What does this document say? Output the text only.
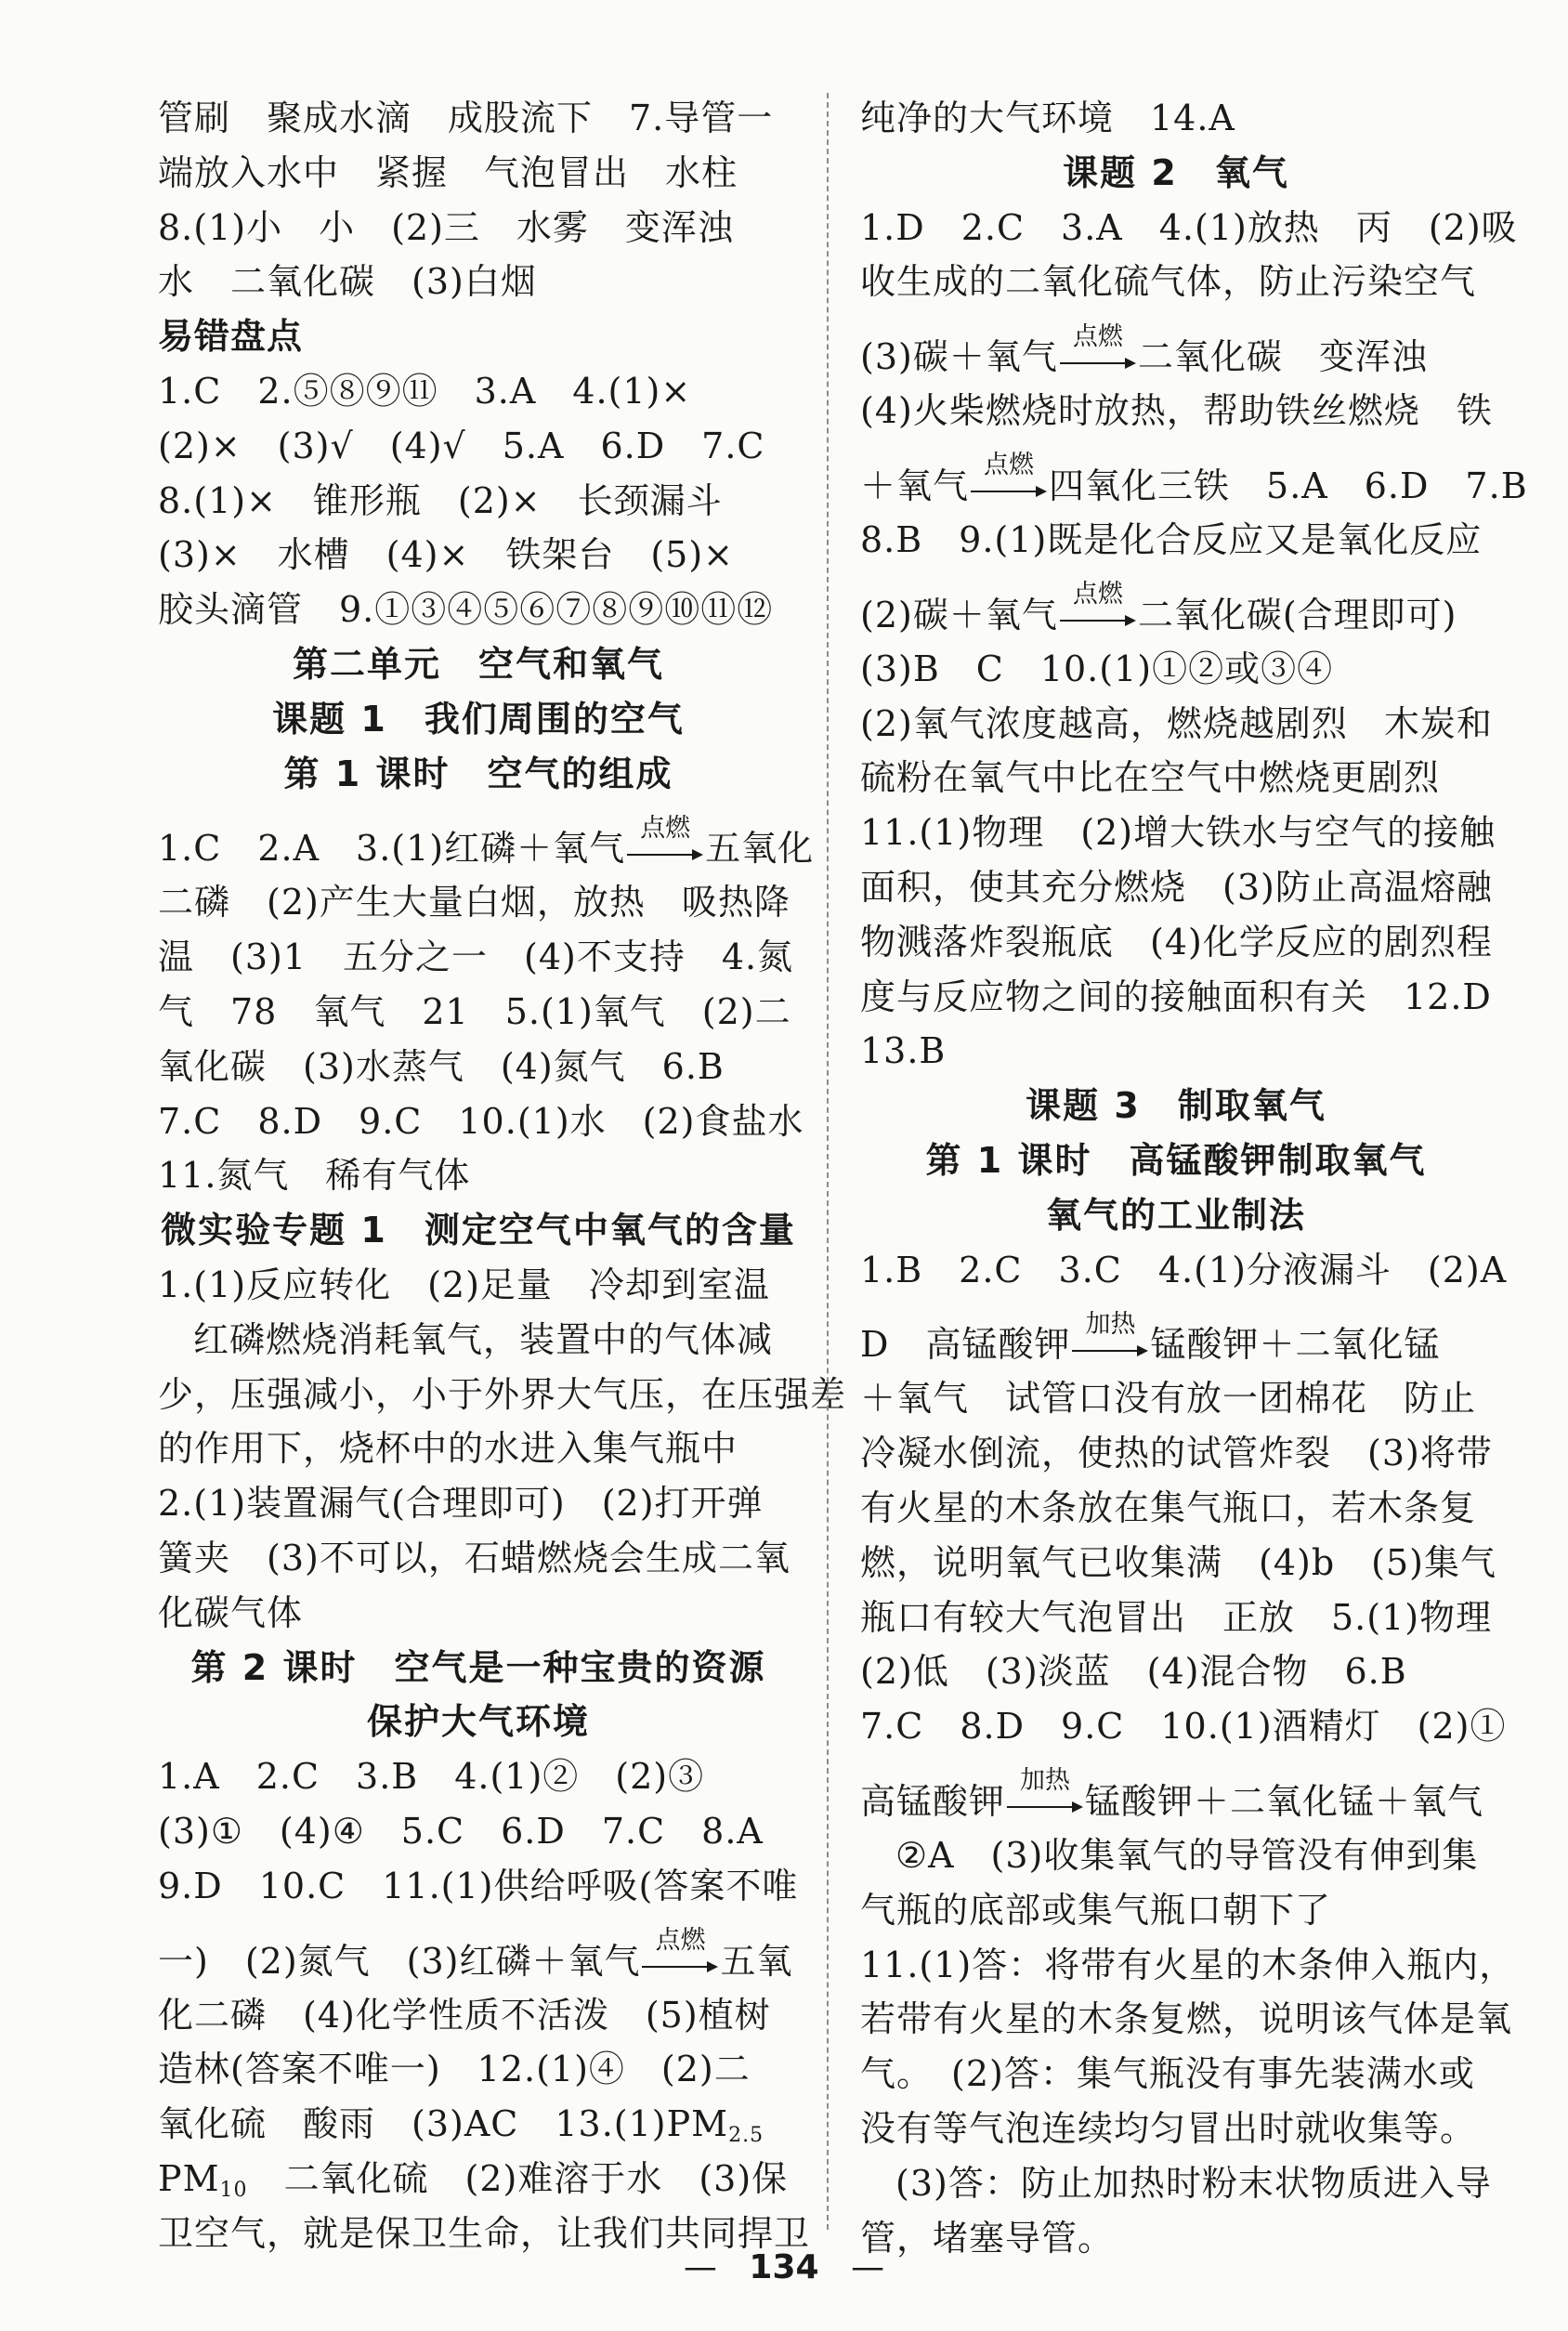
管刷　聚成水滴　成股流下　7.导管一
端放入水中　紧握　气泡冒出　水柱
8.(1)小　小　(2)三　水雾　变浑浊
水　二氧化碳　(3)白烟
易错盘点
1.C　2.⑤⑧⑨⑪　3.A　4.(1)×
(2)×　(3)√　(4)√　5.A　6.D　7.C
8.(1)×　锥形瓶　(2)×　长颈漏斗
(3)×　水槽　(4)×　铁架台　(5)×
胶头滴管　9.①③④⑤⑥⑦⑧⑨⑩⑪⑫
第二单元　空气和氧气
课题 1　我们周围的空气
第 1 课时　空气的组成
1.C　2.A　3.(1)红磷＋氧气 点燃 五氧化
二磷　(2)产生大量白烟，放热　吸热降
温　(3)1　五分之一　(4)不支持　4.氮
气　78　氧气　21　5.(1)氧气　(2)二
氧化碳　(3)水蒸气　(4)氮气　6.B
7.C　8.D　9.C　10.(1)水　(2)食盐水
11.氮气　稀有气体
微实验专题 1　测定空气中氧气的含量
1.(1)反应转化　(2)足量　冷却到室温
红磷燃烧消耗氧气，装置中的气体减
少，压强减小，小于外界大气压，在压强差
的作用下，烧杯中的水进入集气瓶中
2.(1)装置漏气(合理即可)　(2)打开弹
簧夹　(3)不可以，石蜡燃烧会生成二氧
化碳气体
第 2 课时　空气是一种宝贵的资源
保护大气环境
1.A　2.C　3.B　4.(1)②　(2)③
(3)①　(4)④　5.C　6.D　7.C　8.A
9.D　10.C　11.(1)供给呼吸(答案不唯
一)　(2)氮气　(3)红磷＋氧气 点燃 五氧
化二磷　(4)化学性质不活泼　(5)植树
造林(答案不唯一)　12.(1)④　(2)二
氧化硫　酸雨　(3)AC　$13.(1)PM_{2.5}$
$PM_{10}$　二氧化硫　(2)难溶于水　(3)保
卫空气，就是保卫生命，让我们共同捍卫
纯净的大气环境　14.A
课题 2　氧气
1.D　2.C　3.A　4.(1)放热　丙　(2)吸
收生成的二氧化硫气体，防止污染空气
(3)碳＋氧气 点燃 二氧化碳　变浑浊
(4)火柴燃烧时放热，帮助铁丝燃烧　铁
＋氧气 点燃 四氧化三铁　5.A　6.D　7.B
8.B　9.(1)既是化合反应又是氧化反应
(2)碳＋氧气 点燃 二氧化碳(合理即可)
(3)B　C　10.(1)①②或③④
(2)氧气浓度越高，燃烧越剧烈　木炭和
硫粉在氧气中比在空气中燃烧更剧烈
11.(1)物理　(2)增大铁水与空气的接触
面积，使其充分燃烧　(3)防止高温熔融
物溅落炸裂瓶底　(4)化学反应的剧烈程
度与反应物之间的接触面积有关　12.D
13.B
课题 3　制取氧气
第 1 课时　高锰酸钾制取氧气
氧气的工业制法
1.B　2.C　3.C　4.(1)分液漏斗　(2)A
D　高锰酸钾 加热 锰酸钾＋二氧化锰
＋氧气　试管口没有放一团棉花　防止
冷凝水倒流，使热的试管炸裂　(3)将带
有火星的木条放在集气瓶口，若木条复
燃，说明氧气已收集满　(4)b　(5)集气
瓶口有较大气泡冒出　正放　5.(1)物理
(2)低　(3)淡蓝　(4)混合物　6.B
7.C　8.D　9.C　10.(1)酒精灯　(2)①
高锰酸钾 加热 锰酸钾＋二氧化锰＋氧气
②A　(3)收集氧气的导管没有伸到集
气瓶的底部或集气瓶口朝下了
11.(1)答：将带有火星的木条伸入瓶内，
若带有火星的木条复燃，说明该气体是氧
气。　(2)答：集气瓶没有事先装满水或
没有等气泡连续均匀冒出时就收集等。
(3)答：防止加热时粉末状物质进入导
管，堵塞导管。
— 134 —
